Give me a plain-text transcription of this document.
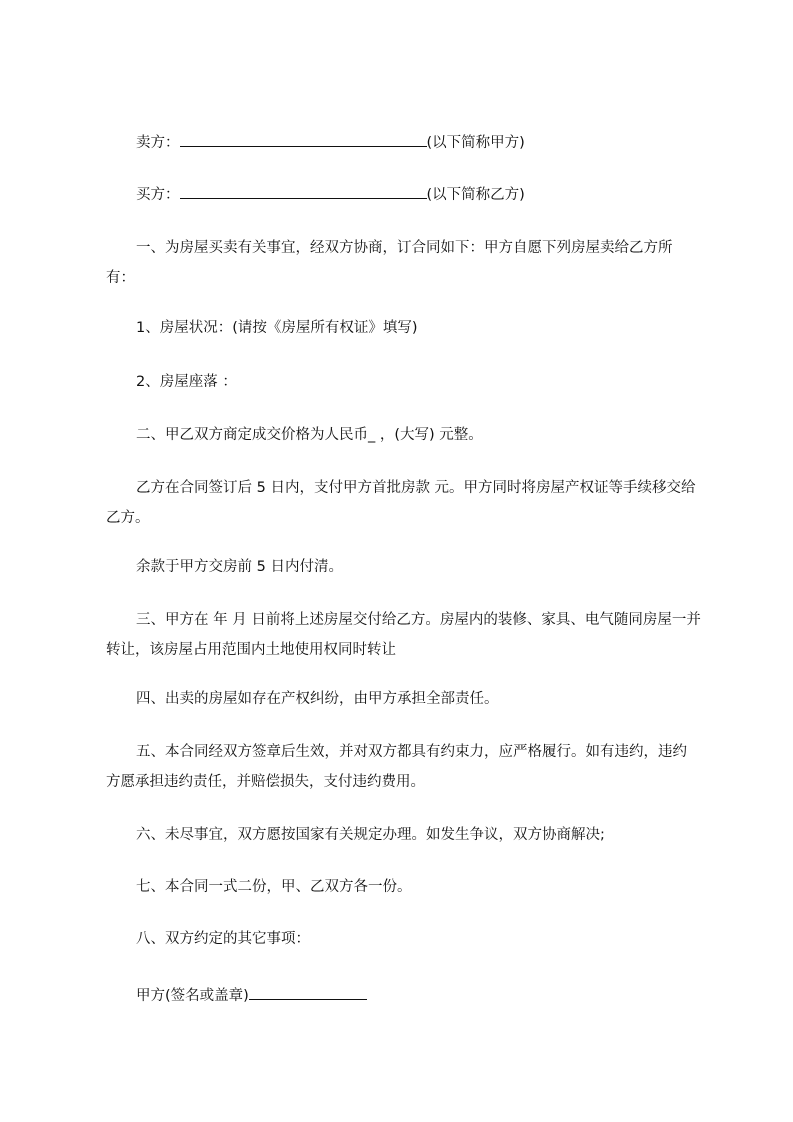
卖方：	(以下简称甲方)
买方：	(以下简称乙方)
一、为房屋买卖有关事宜，经双方协商，订合同如下：甲方自愿下列房屋卖给乙方所有：
1、房屋状况：(请按《房屋所有权证》填写)
2、房屋座落 ：
二、甲乙双方商定成交价格为人民币_ ，(大写) 元整。
乙方在合同签订后 5 日内，支付甲方首批房款 元。甲方同时将房屋产权证等手续移交给乙方。
余款于甲方交房前 5 日内付清。
三、甲方在 年 月 日前将上述房屋交付给乙方。房屋内的装修、家具、电气随同房屋一并转让，该房屋占用范围内土地使用权同时转让
四、出卖的房屋如存在产权纠纷，由甲方承担全部责任。
五、本合同经双方签章后生效，并对双方都具有约束力，应严格履行。如有违约，违约方愿承担违约责任，并赔偿损失，支付违约费用。
六、未尽事宜，双方愿按国家有关规定办理。如发生争议，双方协商解决;
七、本合同一式二份，甲、乙双方各一份。
八、双方约定的其它事项：
甲方(签名或盖章)
